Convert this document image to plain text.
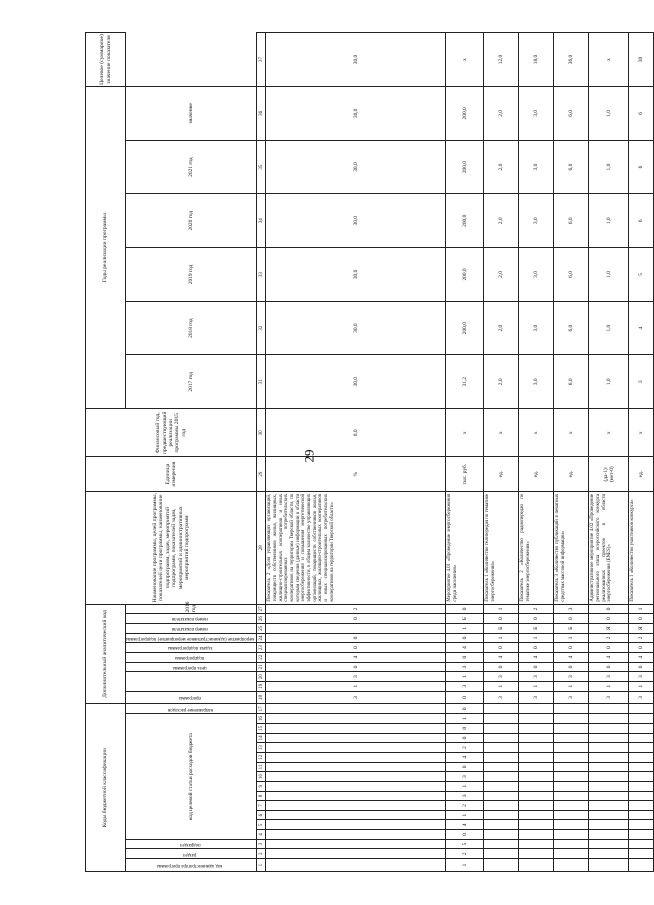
29
Коды бюджетной классификации																	Дополнительный аналитический код										Наименование программы, целей программы, показателей цели программы, наименование подпрограмм, задач, мероприятий подпрограмм, показателей задач, мероприятий и административных мероприятий подпрограмм	Единица измерения	Финансовый год, предшествующий реализации программы 2015 год	Годы реализации программы						Целевое (суммарное) значение показателя
код администратора программы	раздел	подраздел	код целевой статьи расходов бюджета													направление расходов	программа			цель программы	подпрограмма	задача подпрограммы	мероприятие (административное мероприятие) подпрограммы	номер показателя	номер показателя	2016 год				2017 год	2018 год	2019 год	2020 год	2021 год	значение	
1	2	3	4	5	6	7	8	9	10	11	12	13	14	15	16	17	18	19	20	21	22	23	24	25	26	27	28	29	30	31	32	33	34	35	36	37
																	3	1	3	0	4	0	0		0	2	Показатель 2 «Доля управляющих организаций, товариществ собственников жилья, жилищных, жилищно-строительных кооперативов и иных специализированных потребительских кооперативов на территории Тверской области, по которым сведения (данные) информации в области энергосбережения и повышения энергетической эффективности, в общем количестве управляющих организаций, товариществ собственников жилья, жилищных, жилищно-строительных кооперативов и иных специализированных потребительских кооперативов на территории Тверской области»	%	0,0	30,0	30,0	30,0	30,0	30,0	30,0	30,0
1	2	5	0	4	1	2	3	1	3	0	4	2	0	0	1	0	0	3	1	3	0	4	0	1	Б	0	Мероприятие 4.01 «Проведение энергосбережения среди населения»	тыс. руб.	x	31,2	200,0	200,0	200,0	200,0	200,0	x
																	3	1	3	0	4	0	1	Б	0	1	Показатель 1 «Количество телепередач по тематике энергосбережения»	ед.	x	2,0	2,0	2,0	2,0	2,0	2,0	12,0
																	3	1	3	0	4	0	1	Б	0	2	Показатель 2 «Количество радиопередач по тематике энергосбережения»	ед.	x	3,0	3,0	3,0	3,0	3,0	3,0	18,0
																	3	1	3	0	4	0	1	Б	0	3	Показатель 3 «Количество публикаций в печатных средствах массовой информации»	ед.	x	6,0	6,0	6,0	6,0	6,0	6,0	36,0
																	3	1	3	0	4	0	2	Я	0	0	Административное мероприятие 4.02 «Проведение регионального этапа всероссийского конкурса реализованных проектов в области энергосбережения (ENES)»	(да-1)/ (нет-0)	x	1,0	1,0	1,0	1,0	1,0	1,0	x
																	3	1	3	0	4	0	2	Я	0	1	Показатель 1 «Количество участников конкурса»	ед.	x	3	4	5	6	6	6	30
